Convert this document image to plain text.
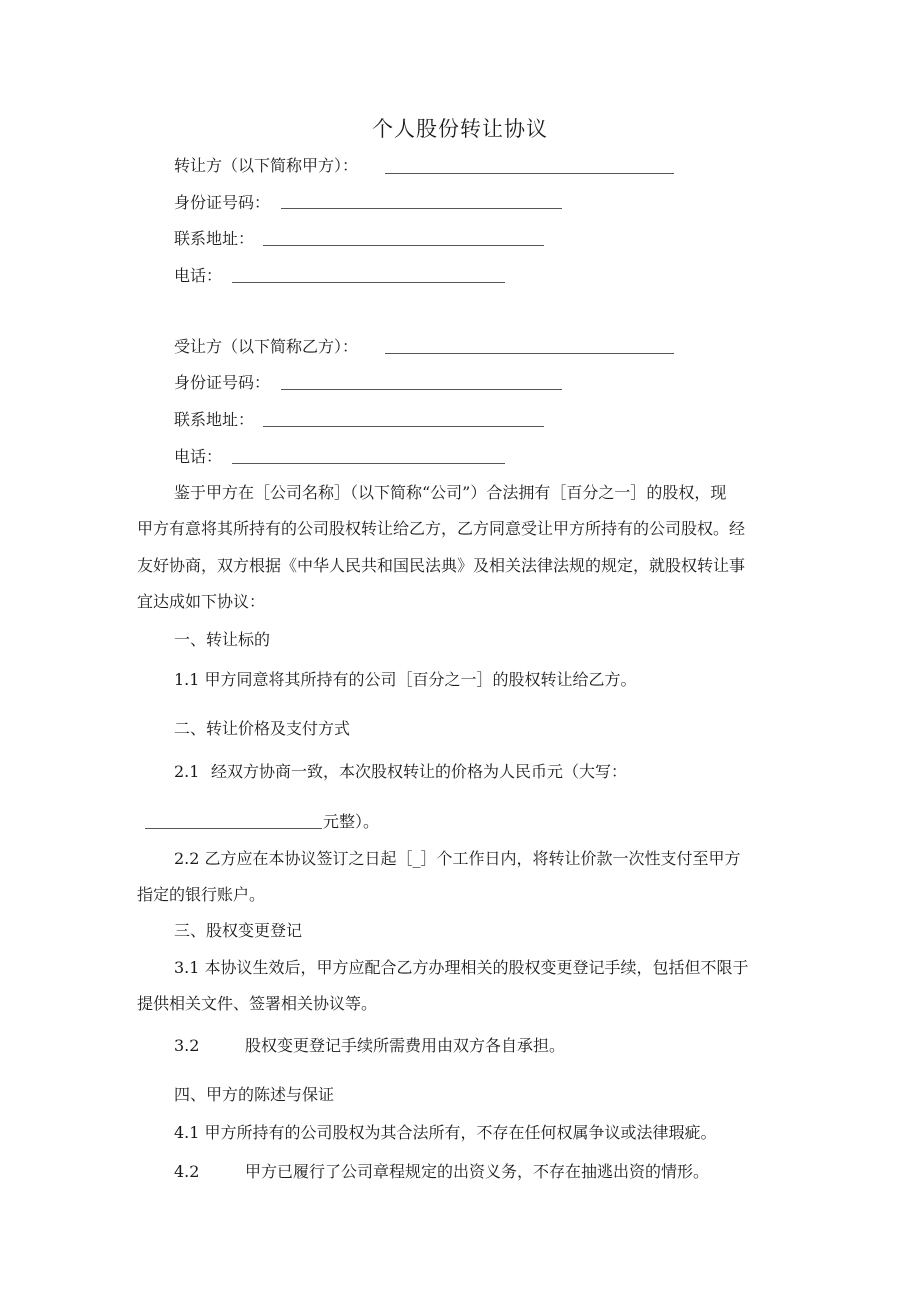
个人股份转让协议
转让方（以下简称甲方）：
身份证号码：
联系地址：
电话：
受让方（以下简称乙方）：
身份证号码：
联系地址：
电话：
鉴于甲方在［公司名称］（以下简称“公司”）合法拥有［百分之一］的股权，现
甲方有意将其所持有的公司股权转让给乙方，乙方同意受让甲方所持有的公司股权。经
友好协商，双方根据《中华人民共和国民法典》及相关法律法规的规定，就股权转让事
宜达成如下协议：
一、转让标的
1.1 甲方同意将其所持有的公司［百分之一］的股权转让给乙方。
二、转让价格及支付方式
2.1 经双方协商一致，本次股权转让的价格为人民币元（大写：
元整）。
2.2 乙方应在本协议签订之日起［_］个工作日内，将转让价款一次性支付至甲方
指定的银行账户。
三、股权变更登记
3.1 本协议生效后，甲方应配合乙方办理相关的股权变更登记手续，包括但不限于
提供相关文件、签署相关协议等。
3.2	股权变更登记手续所需费用由双方各自承担。
四、甲方的陈述与保证
4.1 甲方所持有的公司股权为其合法所有，不存在任何权属争议或法律瑕疵。
4.2	甲方已履行了公司章程规定的出资义务，不存在抽逃出资的情形。
